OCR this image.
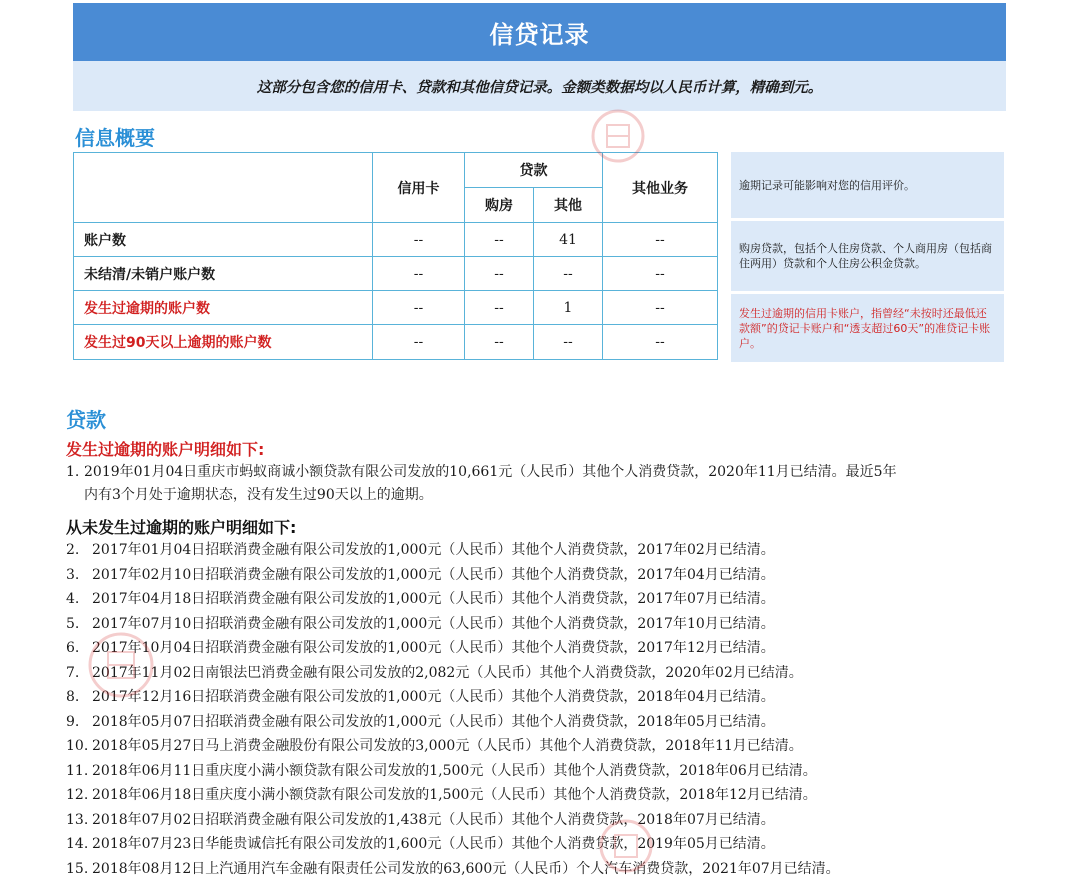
信贷记录
这部分包含您的信用卡、贷款和其他信贷记录。金额类数据均以人民币计算，精确到元。
信息概要
	信用卡	贷款		其他业务
		购房	其他	
账户数	--	--	41	--
未结清/未销户账户数	--	--	--	--
发生过逾期的账户数	--	--	1	--
发生过90天以上逾期的账户数	--	--	--	--
逾期记录可能影响对您的信用评价。
购房贷款，包括个人住房贷款、个人商用房（包括商住两用）贷款和个人住房公积金贷款。
发生过逾期的信用卡账户，指曾经“未按时还最低还款额”的贷记卡账户和“透支超过60天”的准贷记卡账户。
贷款
发生过逾期的账户明细如下:
1. 2019年01月04日重庆市蚂蚁商诚小额贷款有限公司发放的10,661元（人民币）其他个人消费贷款，2020年11月已结清。最近5年
内有3个月处于逾期状态，没有发生过90天以上的逾期。
从未发生过逾期的账户明细如下:
2. 2017年01月04日招联消费金融有限公司发放的1,000元（人民币）其他个人消费贷款，2017年02月已结清。
3. 2017年02月10日招联消费金融有限公司发放的1,000元（人民币）其他个人消费贷款，2017年04月已结清。
4. 2017年04月18日招联消费金融有限公司发放的1,000元（人民币）其他个人消费贷款，2017年07月已结清。
5. 2017年07月10日招联消费金融有限公司发放的1,000元（人民币）其他个人消费贷款，2017年10月已结清。
6. 2017年10月04日招联消费金融有限公司发放的1,000元（人民币）其他个人消费贷款，2017年12月已结清。
7. 2017年11月02日南银法巴消费金融有限公司发放的2,082元（人民币）其他个人消费贷款，2020年02月已结清。
8. 2017年12月16日招联消费金融有限公司发放的1,000元（人民币）其他个人消费贷款，2018年04月已结清。
9. 2018年05月07日招联消费金融有限公司发放的1,000元（人民币）其他个人消费贷款，2018年05月已结清。
10. 2018年05月27日马上消费金融股份有限公司发放的3,000元（人民币）其他个人消费贷款，2018年11月已结清。
11. 2018年06月11日重庆度小满小额贷款有限公司发放的1,500元（人民币）其他个人消费贷款，2018年06月已结清。
12. 2018年06月18日重庆度小满小额贷款有限公司发放的1,500元（人民币）其他个人消费贷款，2018年12月已结清。
13. 2018年07月02日招联消费金融有限公司发放的1,438元（人民币）其他个人消费贷款，2018年07月已结清。
14. 2018年07月23日华能贵诚信托有限公司发放的1,600元（人民币）其他个人消费贷款，2019年05月已结清。
15. 2018年08月12日上汽通用汽车金融有限责任公司发放的63,600元（人民币）个人汽车消费贷款，2021年07月已结清。
